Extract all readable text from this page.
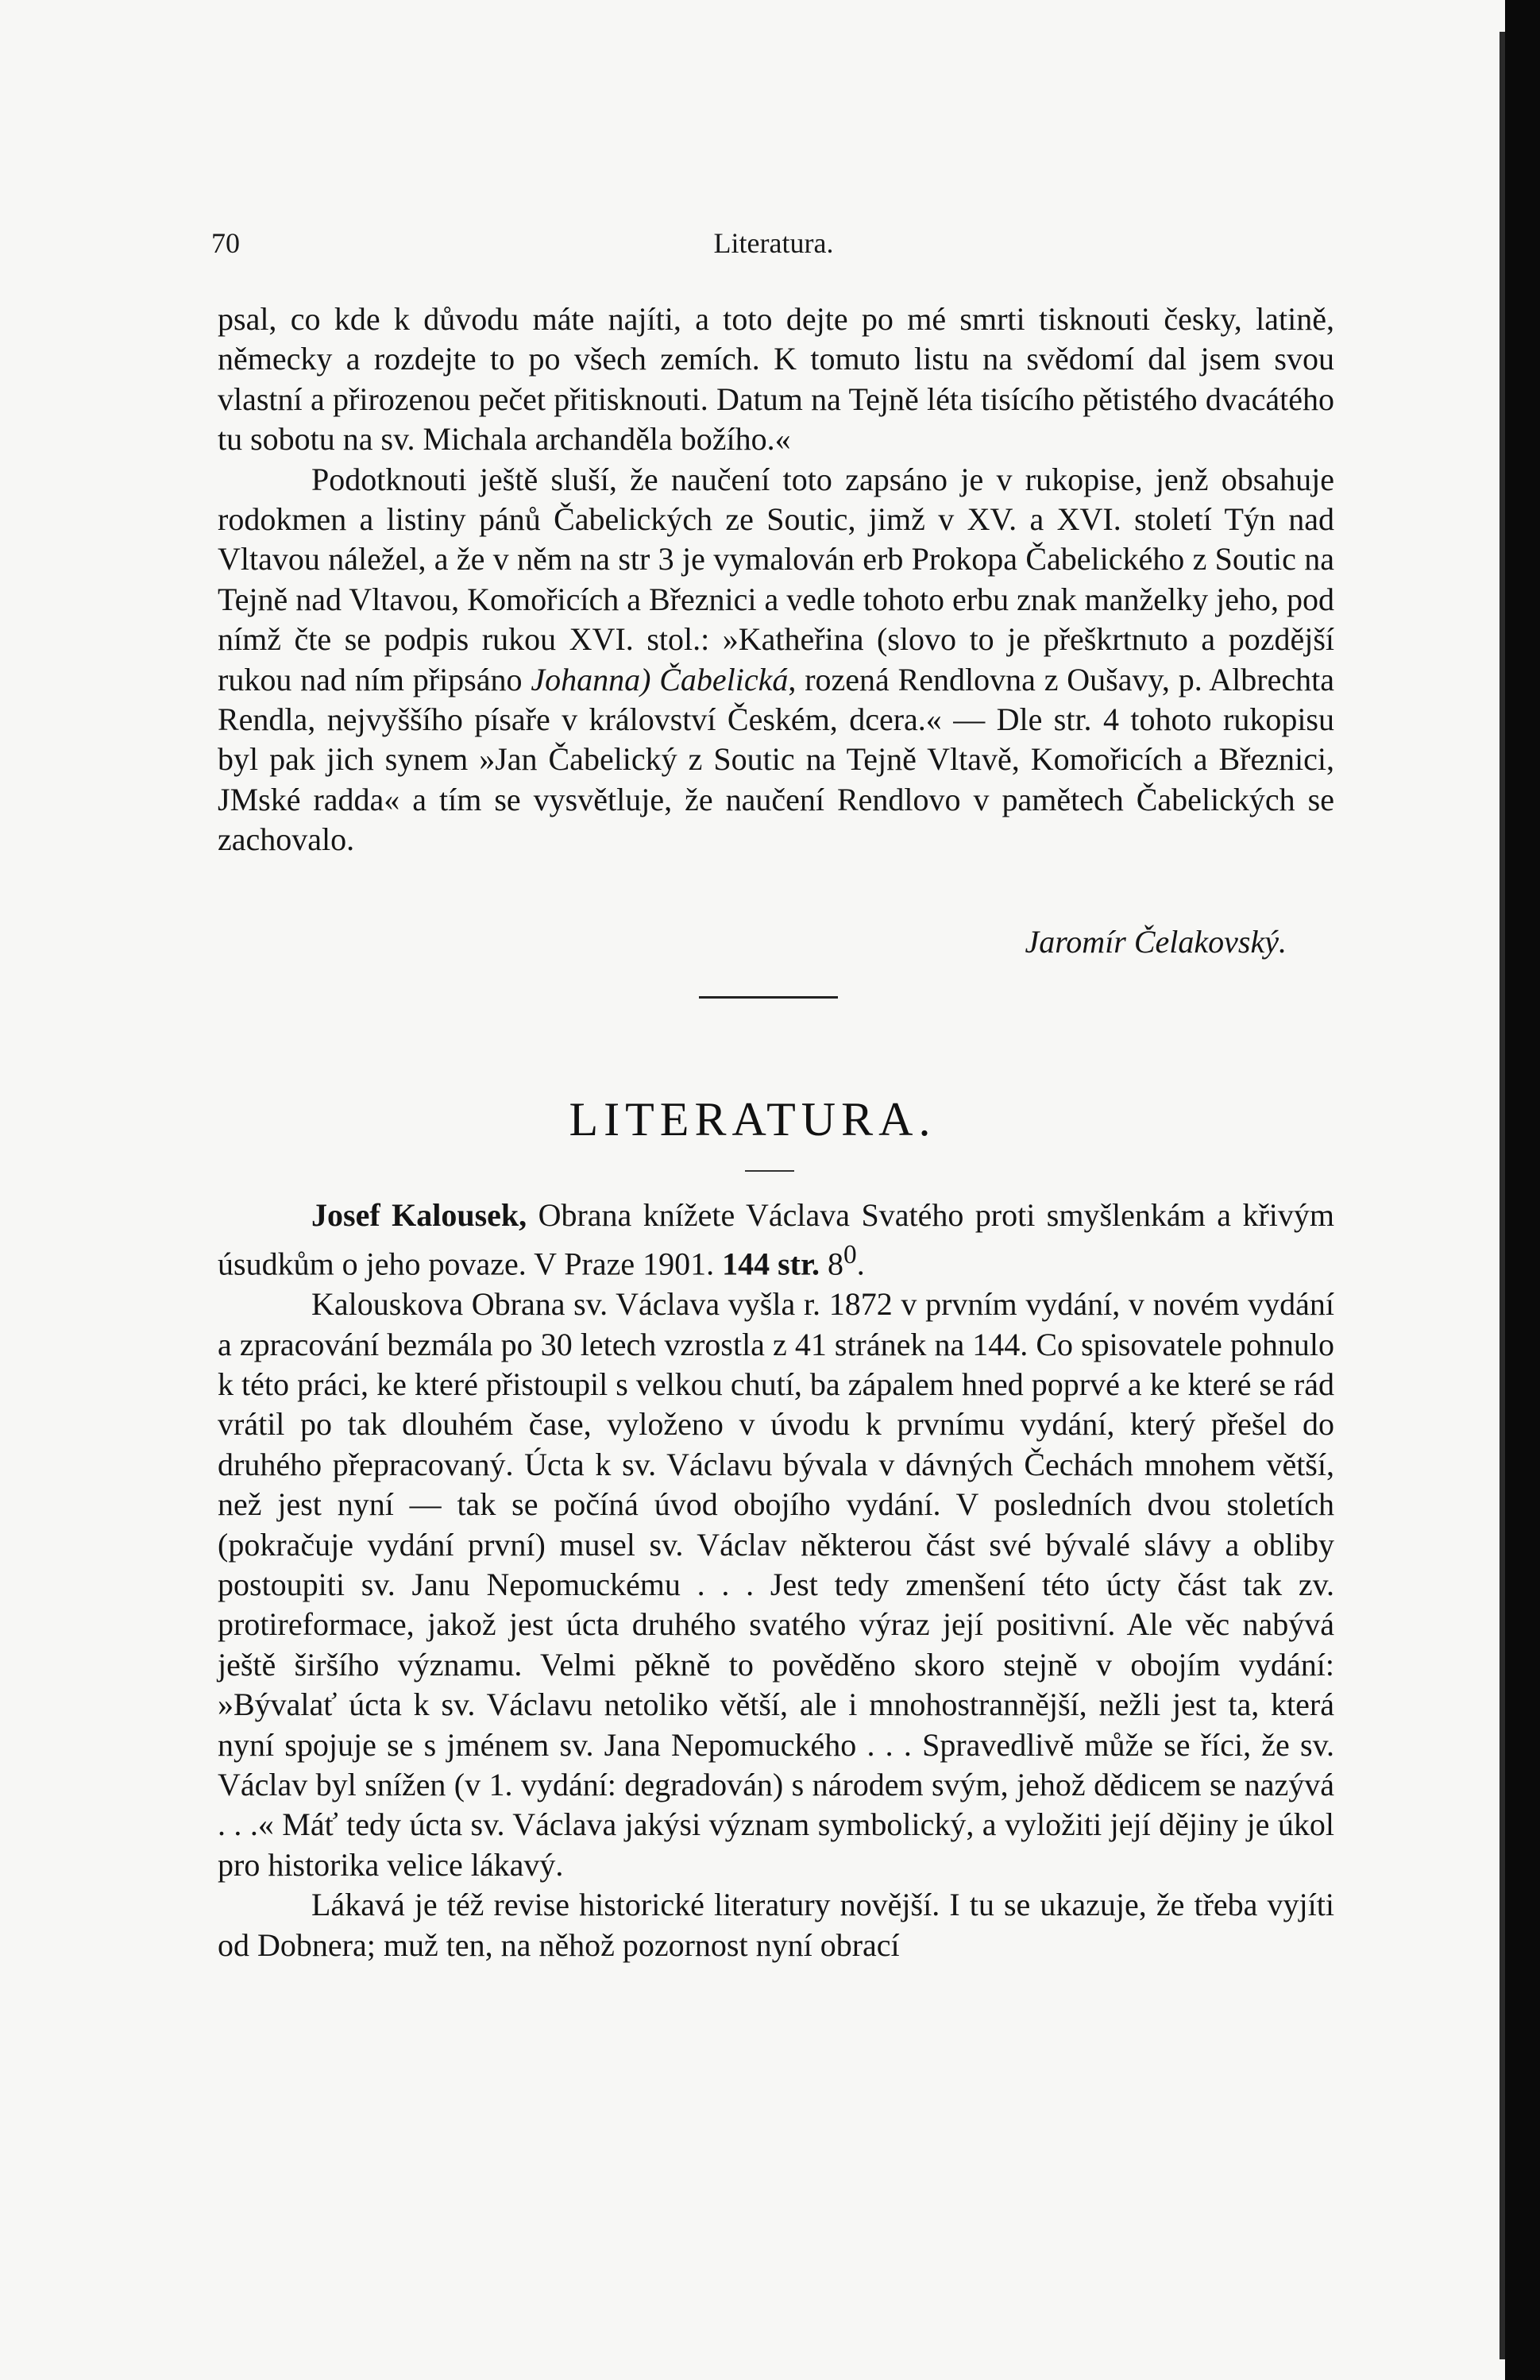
70	Literatura.

psal, co kde k důvodu máte najíti, a toto dejte po mé smrti tisknouti česky, latině, německy a rozdejte to po všech zemích. K tomuto listu na svědomí dal jsem svou vlastní a přirozenou pečet přitisknouti. Datum na Tejně léta tisícího pětistého dvacátého tu sobotu na sv. Michala archanděla božího.«

Podotknouti ještě sluší, že naučení toto zapsáno je v rukopise, jenž obsahuje rodokmen a listiny pánů Čabelických ze Soutic, jimž v XV. a XVI. století Týn nad Vltavou náležel, a že v něm na str 3 je vymalován erb Prokopa Čabelického z Soutic na Tejně nad Vltavou, Komořicích a Březnici a vedle tohoto erbu znak manželky jeho, pod nímž čte se podpis rukou XVI. stol.: »Katheřina (slovo to je přeškrtnuto a pozdější rukou nad ním připsáno Johanna) Čabelická, rozená Rendlovna z Oušavy, p. Albrechta Rendla, nejvyššího písaře v království Českém, dcera.« — Dle str. 4 tohoto rukopisu byl pak jich synem »Jan Čabelický z Soutic na Tejně Vltavě, Komořicích a Březnici, JMské radda« a tím se vysvětluje, že naučení Rendlovo v pamětech Čabelických se zachovalo.

Jaromír Čelakovský.
LITERATURA.

Josef Kalousek, Obrana knížete Václava Svatého proti smyšlenkám a křivým úsudkům o jeho povaze. V Praze 1901. 144 str. $8^0$.

Kalouskova Obrana sv. Václava vyšla r. 1872 v prvním vydání, v novém vydání a zpracování bezmála po 30 letech vzrostla z 41 stránek na 144. Co spisovatele pohnulo k této práci, ke které přistoupil s velkou chutí, ba zápalem hned poprvé a ke které se rád vrátil po tak dlouhém čase, vyloženo v úvodu k prvnímu vydání, který přešel do druhého přepracovaný. Úcta k sv. Václavu bývala v dávných Čechách mnohem větší, než jest nyní — tak se počíná úvod obojího vydání. V posledních dvou stoletích (pokračuje vydání první) musel sv. Václav některou část své bývalé slávy a obliby postoupiti sv. Janu Nepomuckému . . . Jest tedy zmenšení této úcty část tak zv. protireformace, jakož jest úcta druhého svatého výraz její positivní. Ale věc nabývá ještě širšího významu. Velmi pěkně to pověděno skoro stejně v obojím vydání: »Bývalať úcta k sv. Václavu netoliko větší, ale i mnohostrannější, nežli jest ta, která nyní spojuje se s jménem sv. Jana Nepomuckého . . . Spravedlivě může se říci, že sv. Václav byl snížen (v 1. vydání: degradován) s národem svým, jehož dědicem se nazývá . . .« Máť tedy úcta sv. Václava jakýsi význam symbolický, a vyložiti její dějiny je úkol pro historika velice lákavý.

Lákavá je též revise historické literatury novější. I tu se ukazuje, že třeba vyjíti od Dobnera; muž ten, na něhož pozornost nyní obrací
